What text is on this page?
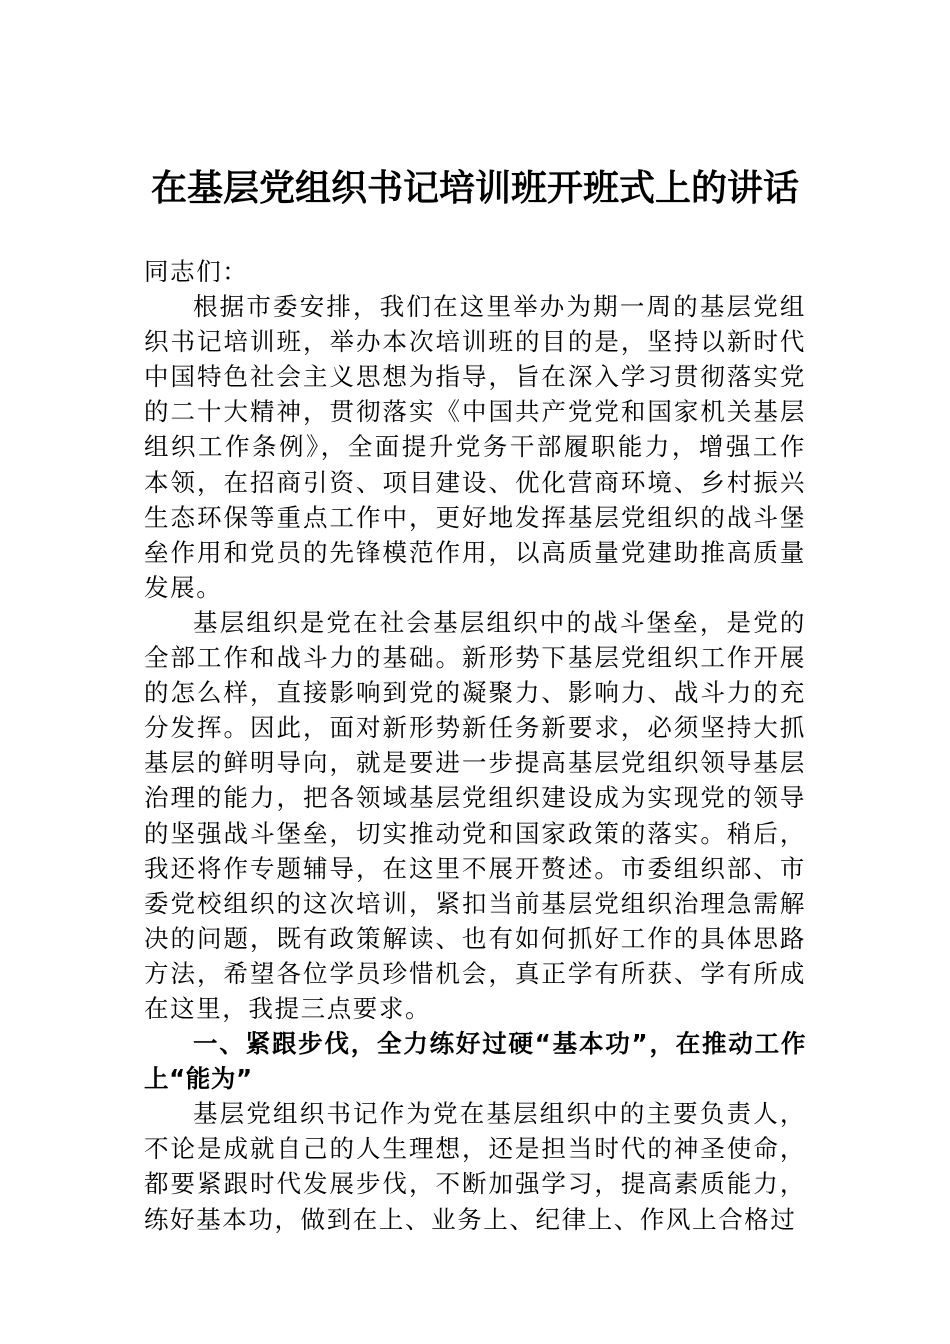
在基层党组织书记培训班开班式上的讲话

同志们：

根据市委安排，我们在这里举办为期一周的基层党组织书记培训班，举办本次培训班的目的是，坚持以新时代中国特色社会主义思想为指导，旨在深入学习贯彻落实党的二十大精神，贯彻落实《中国共产党党和国家机关基层组织工作条例》，全面提升党务干部履职能力，增强工作本领，在招商引资、项目建设、优化营商环境、乡村振兴生态环保等重点工作中，更好地发挥基层党组织的战斗堡垒作用和党员的先锋模范作用，以高质量党建助推高质量发展。

基层组织是党在社会基层组织中的战斗堡垒，是党的全部工作和战斗力的基础。新形势下基层党组织工作开展的怎么样，直接影响到党的凝聚力、影响力、战斗力的充分发挥。因此，面对新形势新任务新要求，必须坚持大抓基层的鲜明导向，就是要进一步提高基层党组织领导基层治理的能力，把各领域基层党组织建设成为实现党的领导的坚强战斗堡垒，切实推动党和国家政策的落实。稍后，我还将作专题辅导，在这里不展开赘述。市委组织部、市委党校组织的这次培训，紧扣当前基层党组织治理急需解决的问题，既有政策解读、也有如何抓好工作的具体思路方法，希望各位学员珍惜机会，真正学有所获、学有所成在这里，我提三点要求。

一、紧跟步伐，全力练好过硬“基本功”，在推动工作上“能为”

基层党组织书记作为党在基层组织中的主要负责人，不论是成就自己的人生理想，还是担当时代的神圣使命，都要紧跟时代发展步伐，不断加强学习，提高素质能力，练好基本功，做到在上、业务上、纪律上、作风上合格过
